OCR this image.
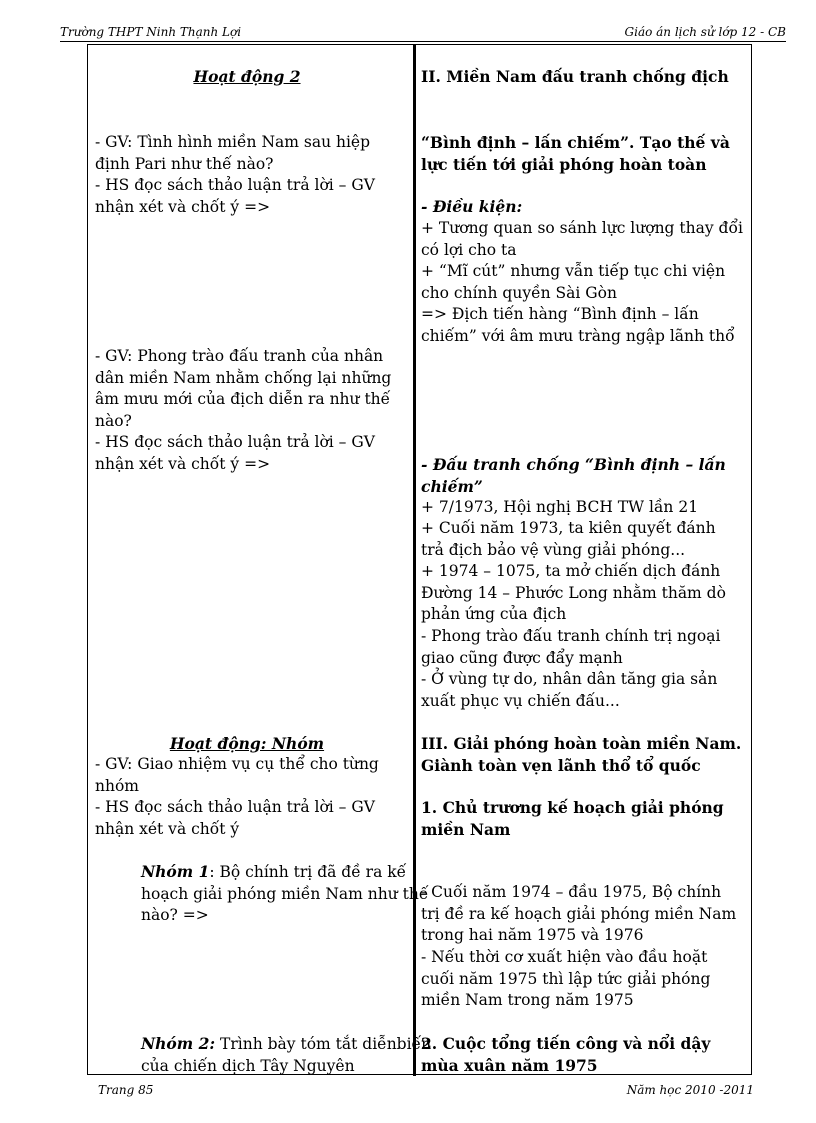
Trường THPT Ninh Thạnh Lợi	Giáo án lịch sử lớp 12 - CB

Hoạt động 2

- GV: Tình hình miền Nam sau hiệp định Pari như thế nào?

- HS đọc sách thảo luận trả lời – GV nhận xét và chốt ý =>

- GV: Phong trào đấu tranh của nhân dân miền Nam nhằm chống lại những âm mưu mới của địch diễn ra như thế nào?

- HS đọc sách thảo luận trả lời – GV nhận xét và chốt ý =>

Hoạt động: Nhóm

- GV: Giao nhiệm vụ cụ thể cho từng nhóm

- HS đọc sách thảo luận trả lời – GV nhận xét và chốt ý

Nhóm 1: Bộ chính trị đã đề ra kế hoạch giải phóng miền Nam như thế nào? =>

Nhóm 2: Trình bày tóm tắt diễnbiến của chiến dịch Tây Nguyên

II. Miền Nam đấu tranh chống địch

“Bình định – lấn chiếm”. Tạo thế và lực tiến tới giải phóng hoàn toàn

- Điều kiện:

+ Tương quan so sánh lực lượng thay đổi có lợi cho ta

+ “Mĩ cút” nhưng vẫn tiếp tục chi viện cho chính quyền Sài Gòn

=> Địch tiến hàng “Bình định – lấn chiếm” với âm mưu tràng ngập lãnh thổ

- Đấu tranh chống “Bình định – lấn chiếm”

+ 7/1973, Hội nghị BCH TW lần 21

+ Cuối năm 1973, ta kiên quyết đánh trả địch bảo vệ vùng giải phóng...

+ 1974 – 1075, ta mở chiến dịch đánh Đường 14 – Phước Long nhằm thăm dò phản ứng của địch

- Phong trào đấu tranh chính trị ngoại giao cũng được đẩy mạnh

- Ở vùng tự do, nhân dân tăng gia sản xuất phục vụ chiến đấu...

III. Giải phóng hoàn toàn miền Nam. Giành toàn vẹn lãnh thổ tổ quốc

1. Chủ trương kế hoạch giải phóng miền Nam

- Cuối năm 1974 – đầu 1975, Bộ chính trị đề ra kế hoạch giải phóng miền Nam trong hai năm 1975 và 1976

- Nếu thời cơ xuất hiện vào đầu hoặt cuối năm 1975 thì lập tức giải phóng miền Nam trong năm 1975

2. Cuộc tổng tiến công và nổi dậy mùa xuân năm 1975

Trang 85	Năm học 2010 -2011
